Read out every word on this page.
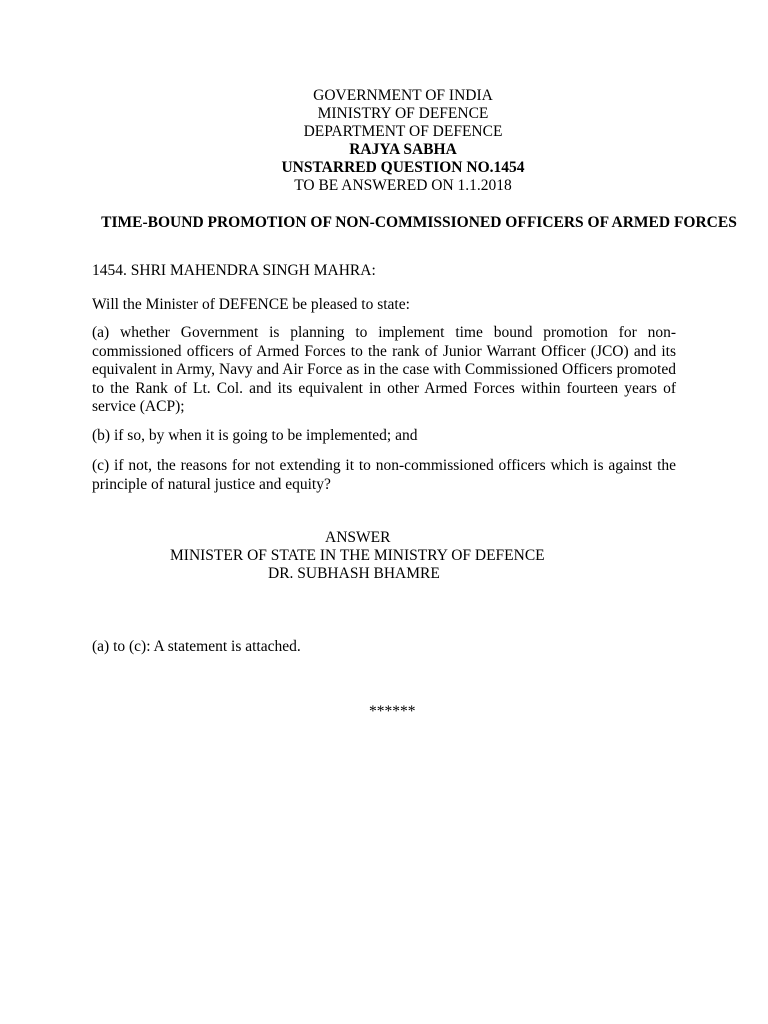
GOVERNMENT OF INDIA
MINISTRY OF DEFENCE
DEPARTMENT OF DEFENCE
RAJYA SABHA
UNSTARRED QUESTION NO.1454
TO BE ANSWERED ON 1.1.2018
TIME-BOUND PROMOTION OF NON-COMMISSIONED OFFICERS OF ARMED FORCES
1454. SHRI MAHENDRA SINGH MAHRA:
Will the Minister of DEFENCE be pleased to state:
(a) whether Government is planning to implement time bound promotion for non-commissioned officers of Armed Forces to the rank of Junior Warrant Officer (JCO) and its equivalent in Army, Navy and Air Force as in the case with Commissioned Officers promoted to the Rank of Lt. Col. and its equivalent in other Armed Forces within fourteen years of service (ACP);
(b) if so, by when it is going to be implemented; and
(c) if not, the reasons for not extending it to non-commissioned officers which is against the principle of natural justice and equity?
ANSWER
MINISTER OF STATE IN THE MINISTRY OF DEFENCE
DR. SUBHASH BHAMRE
(a) to (c): A statement is attached.
******
